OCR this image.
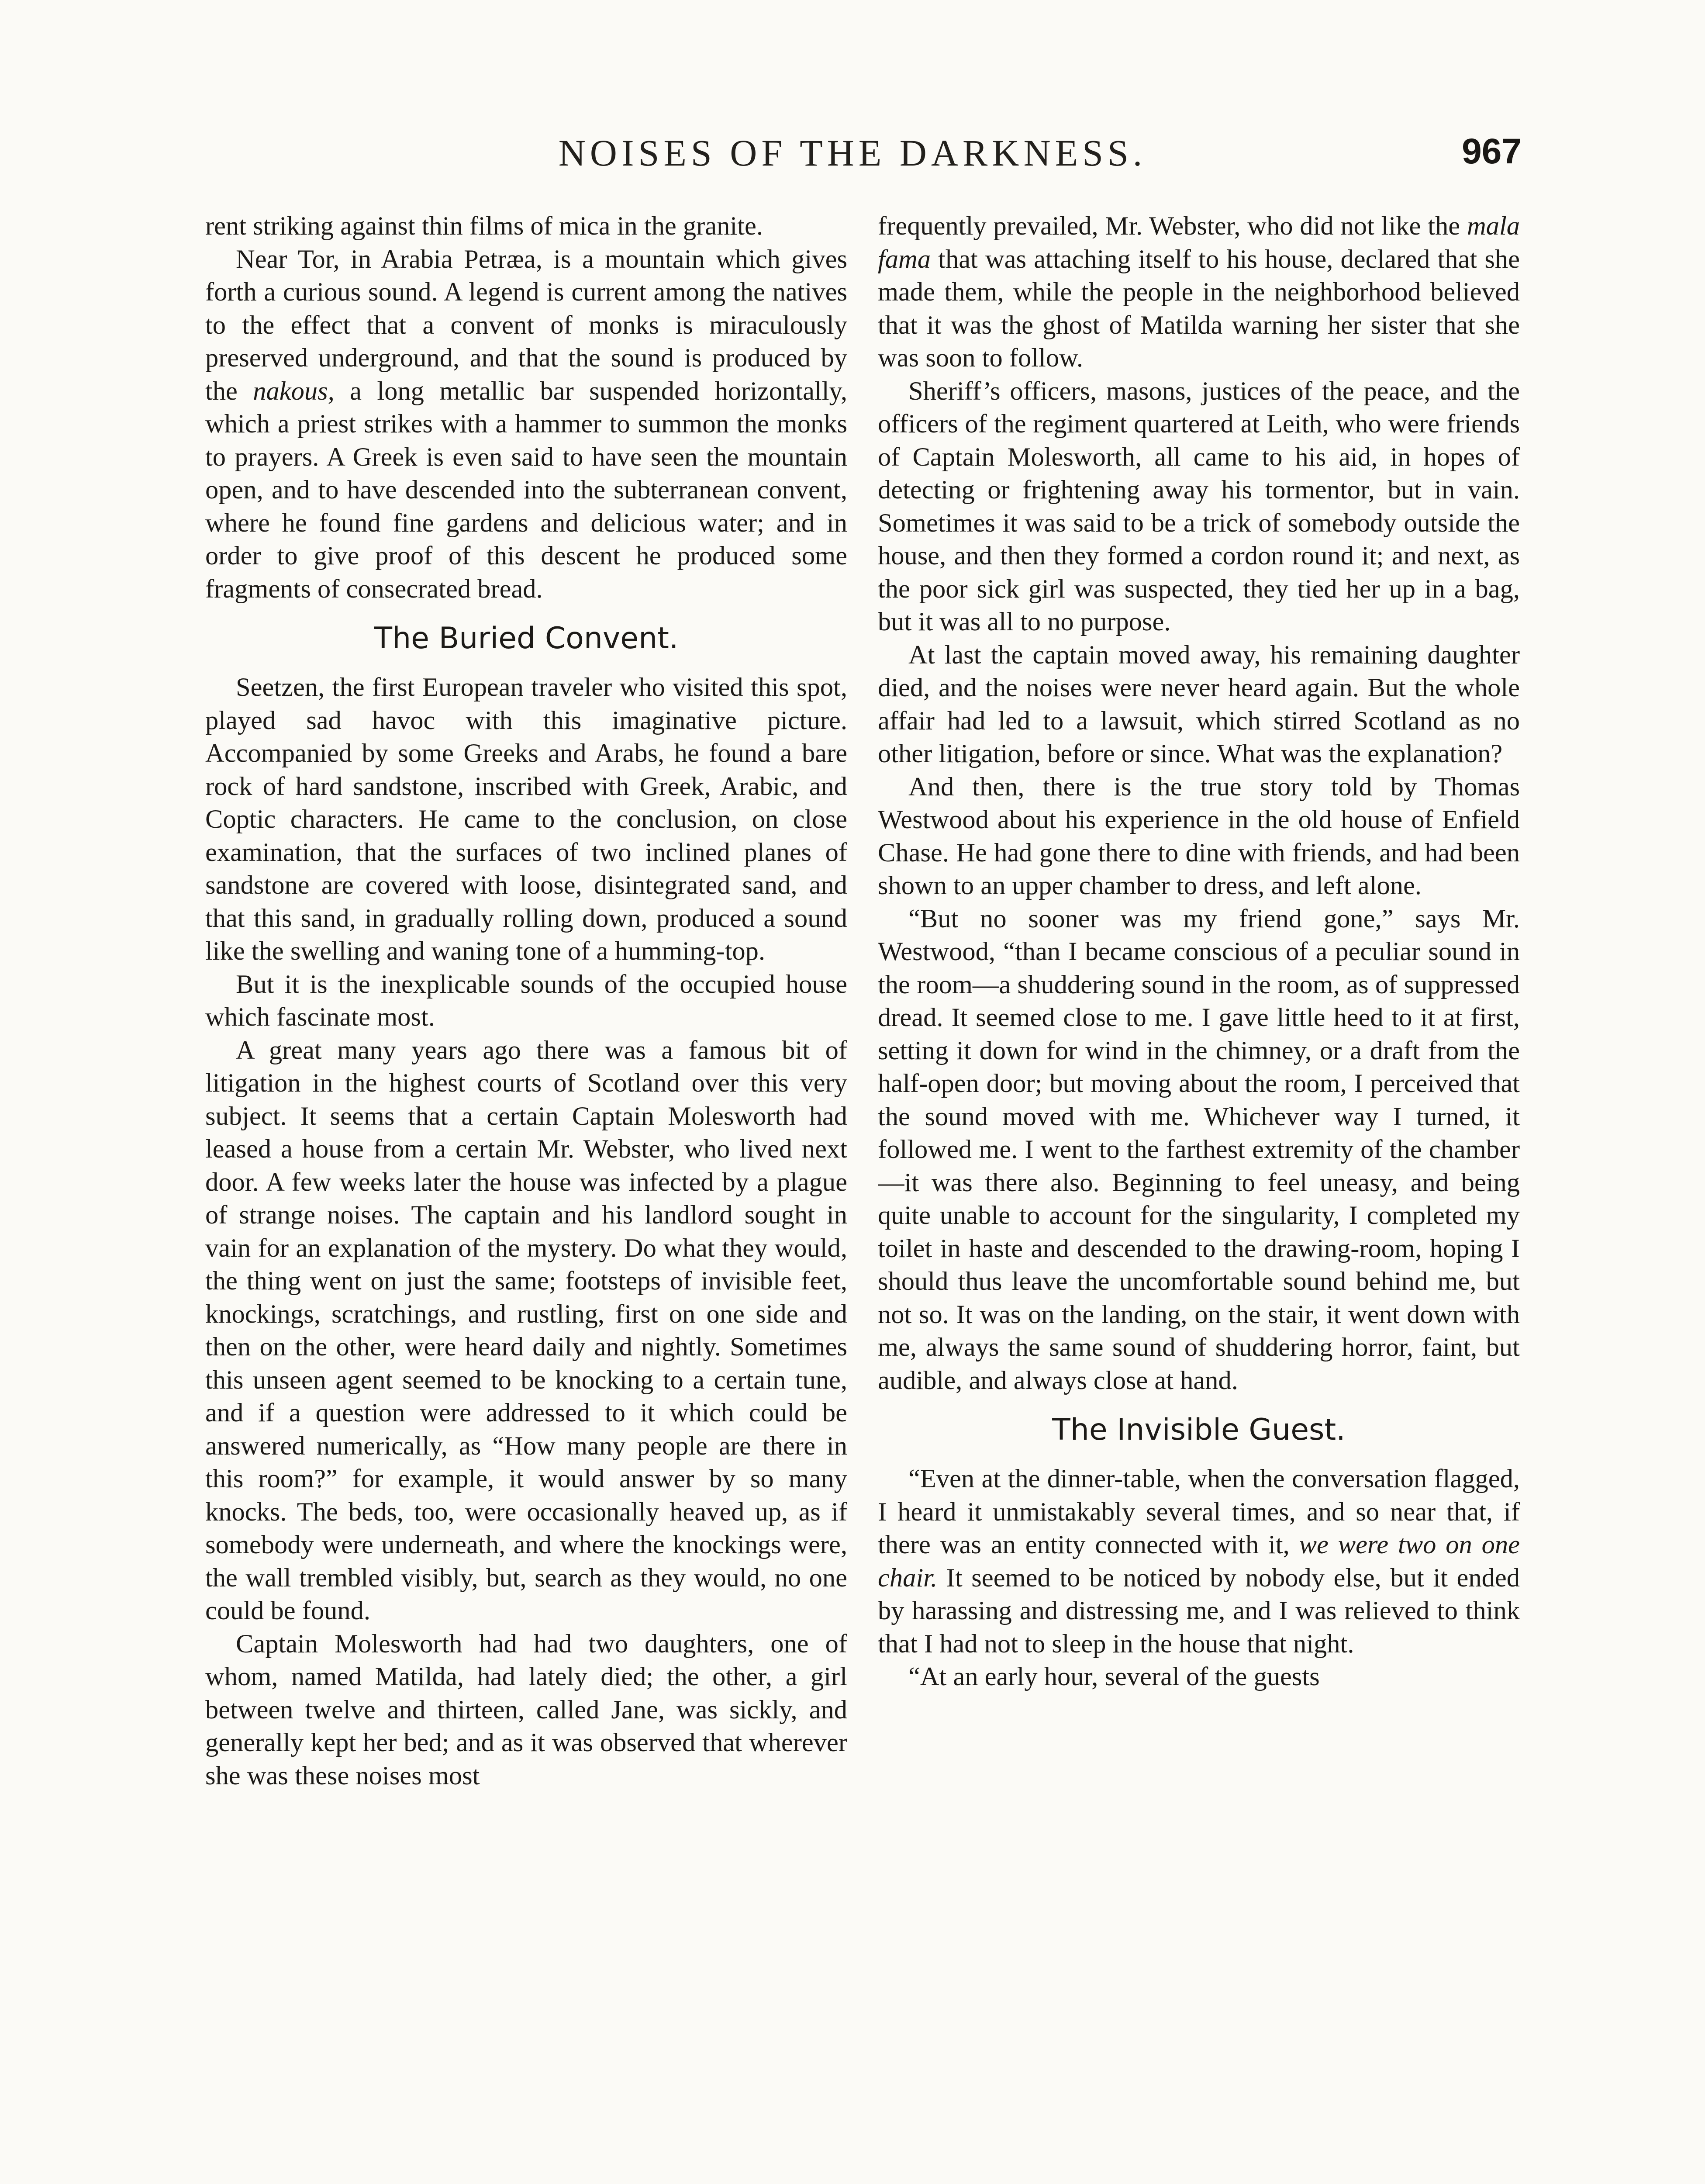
NOISES OF THE DARKNESS.	967

rent striking against thin films of mica in the granite.

Near Tor, in Arabia Petræa, is a mountain which gives forth a curious sound. A legend is current among the natives to the effect that a convent of monks is miraculously preserved underground, and that the sound is produced by the nakous, a long metallic bar suspended horizontally, which a priest strikes with a hammer to summon the monks to prayers. A Greek is even said to have seen the mountain open, and to have descended into the subterranean convent, where he found fine gardens and delicious water; and in order to give proof of this descent he produced some fragments of consecrated bread.

The Buried Convent.

Seetzen, the first European traveler who visited this spot, played sad havoc with this imaginative picture. Accompanied by some Greeks and Arabs, he found a bare rock of hard sandstone, inscribed with Greek, Arabic, and Coptic characters. He came to the conclusion, on close examination, that the surfaces of two inclined planes of sandstone are covered with loose, disintegrated sand, and that this sand, in gradually rolling down, produced a sound like the swelling and waning tone of a humming-top.

But it is the inexplicable sounds of the occupied house which fascinate most.

A great many years ago there was a famous bit of litigation in the highest courts of Scotland over this very subject. It seems that a certain Captain Molesworth had leased a house from a certain Mr. Webster, who lived next door. A few weeks later the house was infected by a plague of strange noises. The captain and his landlord sought in vain for an explanation of the mystery. Do what they would, the thing went on just the same; footsteps of invisible feet, knockings, scratchings, and rustling, first on one side and then on the other, were heard daily and nightly. Sometimes this unseen agent seemed to be knocking to a certain tune, and if a question were addressed to it which could be answered numerically, as “How many people are there in this room?” for example, it would answer by so many knocks. The beds, too, were occasionally heaved up, as if somebody were underneath, and where the knockings were, the wall trembled visibly, but, search as they would, no one could be found.

Captain Molesworth had had two daughters, one of whom, named Matilda, had lately died; the other, a girl between twelve and thirteen, called Jane, was sickly, and generally kept her bed; and as it was observed that wherever she was these noises most

frequently prevailed, Mr. Webster, who did not like the mala fama that was attaching itself to his house, declared that she made them, while the people in the neighborhood believed that it was the ghost of Matilda warning her sister that she was soon to follow.

Sheriff’s officers, masons, justices of the peace, and the officers of the regiment quartered at Leith, who were friends of Captain Molesworth, all came to his aid, in hopes of detecting or frightening away his tormentor, but in vain. Sometimes it was said to be a trick of somebody outside the house, and then they formed a cordon round it; and next, as the poor sick girl was suspected, they tied her up in a bag, but it was all to no purpose.

At last the captain moved away, his remaining daughter died, and the noises were never heard again. But the whole affair had led to a lawsuit, which stirred Scotland as no other litigation, before or since. What was the explanation?

And then, there is the true story told by Thomas Westwood about his experience in the old house of Enfield Chase. He had gone there to dine with friends, and had been shown to an upper chamber to dress, and left alone.

“But no sooner was my friend gone,” says Mr. Westwood, “than I became conscious of a peculiar sound in the room—a shuddering sound in the room, as of suppressed dread. It seemed close to me. I gave little heed to it at first, setting it down for wind in the chimney, or a draft from the half-open door; but moving about the room, I perceived that the sound moved with me. Whichever way I turned, it followed me. I went to the farthest extremity of the chamber—it was there also. Beginning to feel uneasy, and being quite unable to account for the singularity, I completed my toilet in haste and descended to the drawing-room, hoping I should thus leave the uncomfortable sound behind me, but not so. It was on the landing, on the stair, it went down with me, always the same sound of shuddering horror, faint, but audible, and always close at hand.

The Invisible Guest.

“Even at the dinner-table, when the conversation flagged, I heard it unmistakably several times, and so near that, if there was an entity connected with it, we were two on one chair. It seemed to be noticed by nobody else, but it ended by harassing and distressing me, and I was relieved to think that I had not to sleep in the house that night.

“At an early hour, several of the guests
